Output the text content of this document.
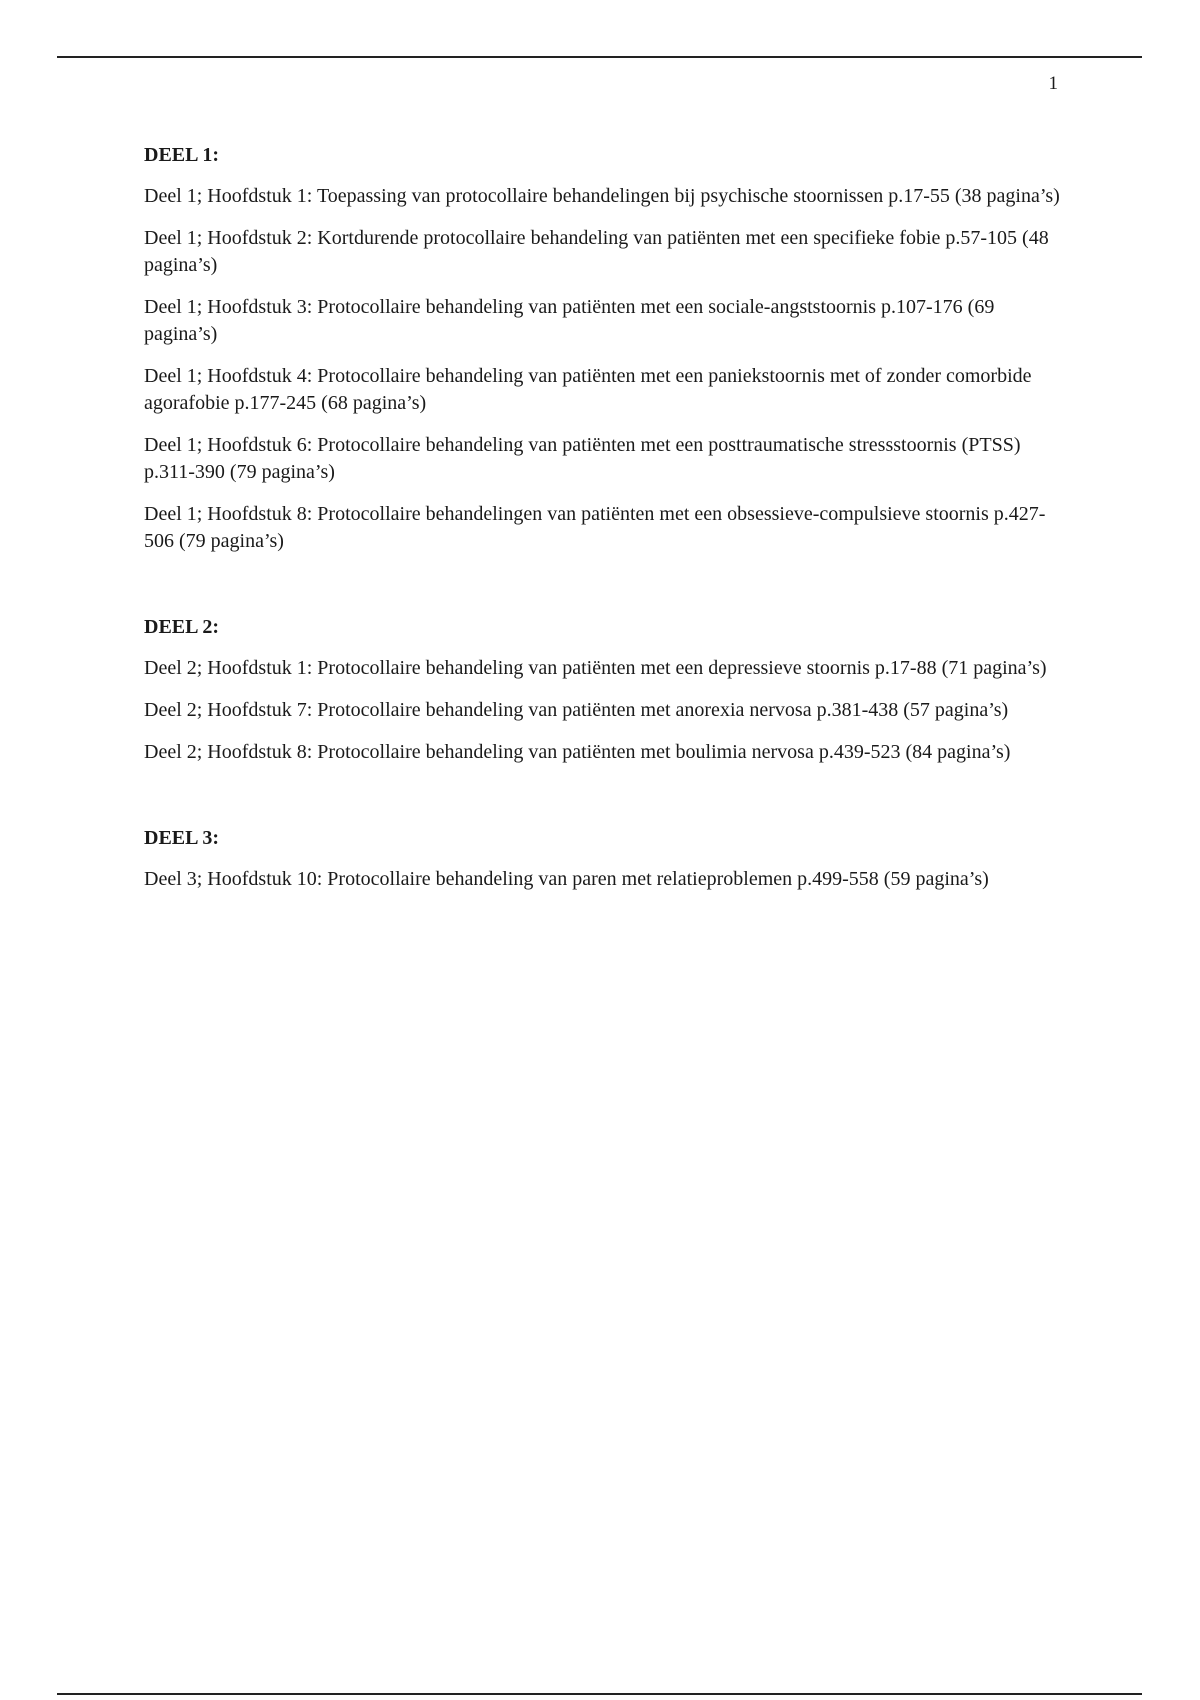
1
DEEL 1:

Deel 1; Hoofdstuk 1: Toepassing van protocollaire behandelingen bij psychische stoornissen p.17-55 (38 pagina’s)

Deel 1; Hoofdstuk 2: Kortdurende protocollaire behandeling van patiënten met een specifieke fobie p.57-105 (48 pagina’s)

Deel 1; Hoofdstuk 3: Protocollaire behandeling van patiënten met een sociale-angststoornis p.107-176 (69 pagina’s)

Deel 1; Hoofdstuk 4: Protocollaire behandeling van patiënten met een paniekstoornis met of zonder comorbide agorafobie p.177-245 (68 pagina’s)

Deel 1; Hoofdstuk 6: Protocollaire behandeling van patiënten met een posttraumatische stressstoornis (PTSS) p.311-390 (79 pagina’s)

Deel 1; Hoofdstuk 8: Protocollaire behandelingen van patiënten met een obsessieve-compulsieve stoornis p.427-506 (79 pagina’s)

DEEL 2:

Deel 2; Hoofdstuk 1: Protocollaire behandeling van patiënten met een depressieve stoornis p.17-88 (71 pagina’s)

Deel 2; Hoofdstuk 7: Protocollaire behandeling van patiënten met anorexia nervosa p.381-438 (57 pagina’s)

Deel 2; Hoofdstuk 8: Protocollaire behandeling van patiënten met boulimia nervosa p.439-523 (84 pagina’s)

DEEL 3:

Deel 3; Hoofdstuk 10: Protocollaire behandeling van paren met relatieproblemen p.499-558 (59 pagina’s)
